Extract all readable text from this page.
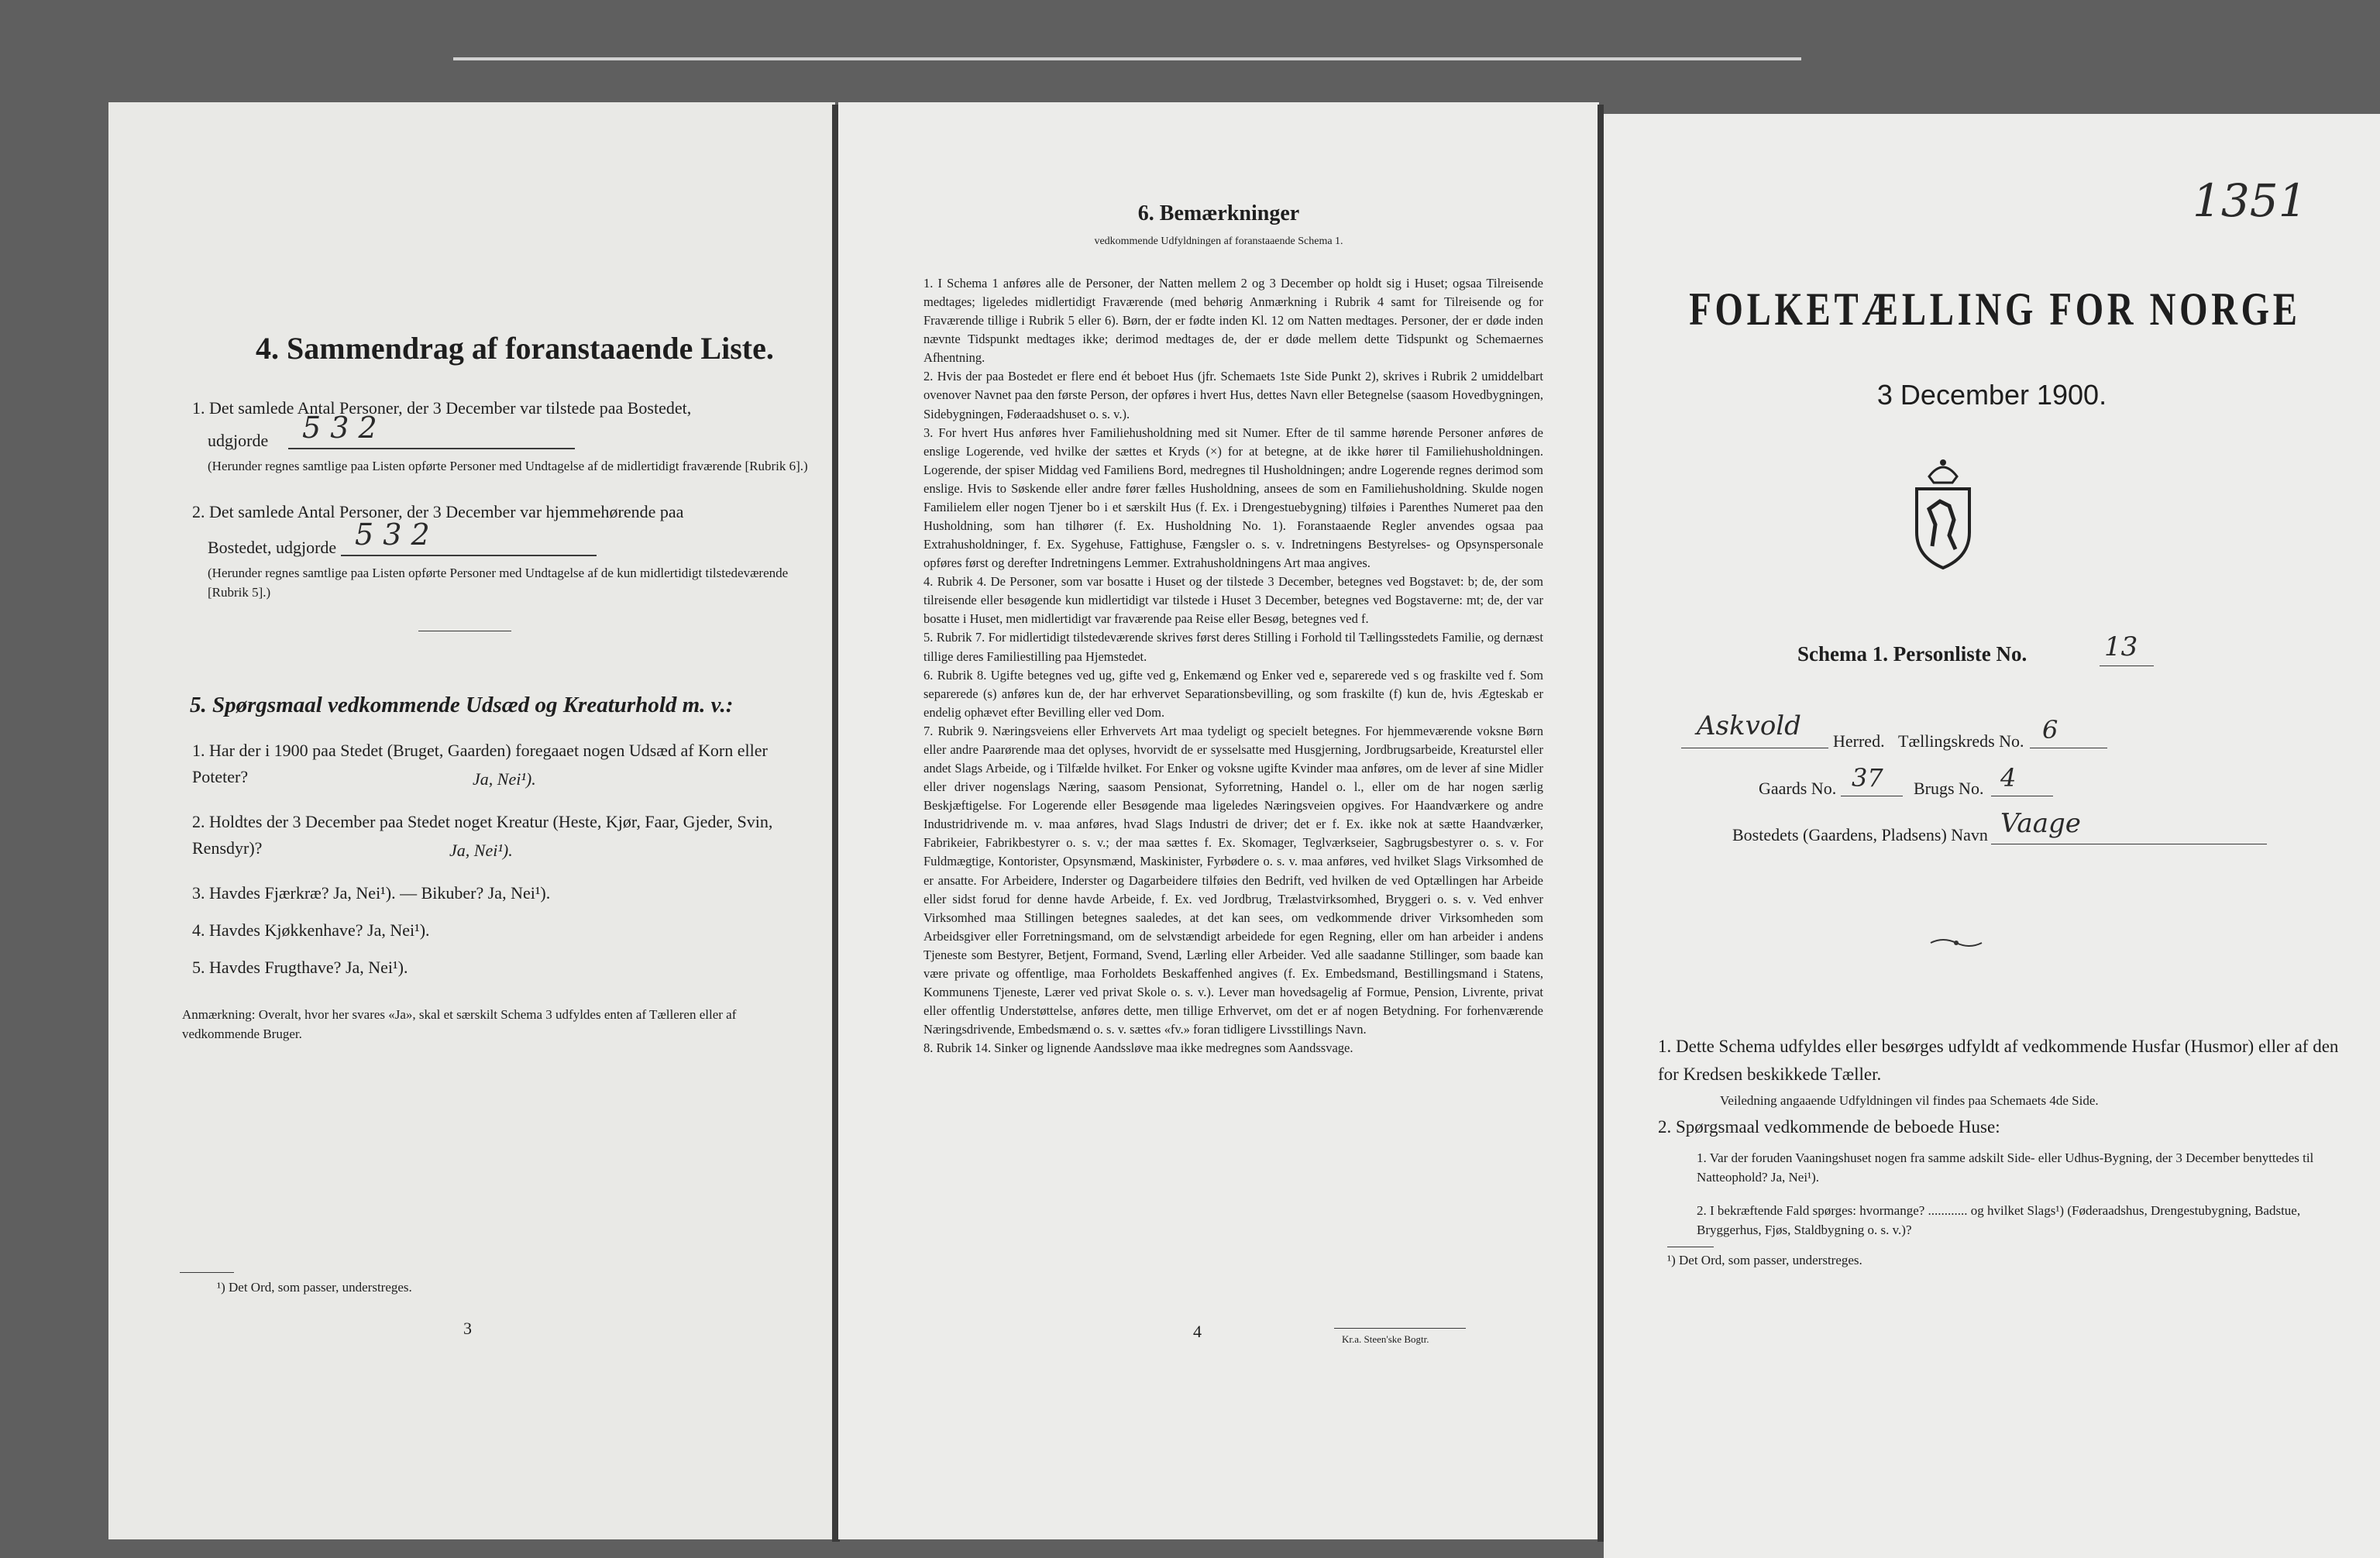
4. Sammendrag af foranstaaende Liste.

1. Det samlede Antal Personer, der 3 December var tilstede paa Bostedet,

udgjorde 5 3 2

(Herunder regnes samtlige paa Listen opførte Personer med Undtagelse af de midlertidigt fraværende [Rubrik 6].)

2. Det samlede Antal Personer, der 3 December var hjemmehørende paa

Bostedet, udgjorde 5 3 2

(Herunder regnes samtlige paa Listen opførte Personer med Undtagelse af de kun midlertidigt tilstedeværende [Rubrik 5].)

5. Spørgsmaal vedkommende Udsæd og Kreaturhold m. v.:

1. Har der i 1900 paa Stedet (Bruget, Gaarden) foregaaet nogen Udsæd af Korn eller Poteter?	Ja, Nei¹).

2. Holdtes der 3 December paa Stedet noget Kreatur (Heste, Kjør, Faar, Gjeder, Svin, Rensdyr)?	Ja, Nei¹).

3. Havdes Fjærkræ? Ja, Nei¹). — Bikuber? Ja, Nei¹).

4. Havdes Kjøkkenhave? Ja, Nei¹).

5. Havdes Frugthave? Ja, Nei¹).

Anmærkning: Overalt, hvor her svares «Ja», skal et særskilt Schema 3 udfyldes enten af Tælleren eller af vedkommende Bruger.

¹) Det Ord, som passer, understreges.

3

6. Bemærkninger

vedkommende Udfyldningen af foranstaaende Schema 1.

1. I Schema 1 anføres alle de Personer, der Natten mellem 2 og 3 December op holdt sig i Huset; ogsaa Tilreisende medtages; ligeledes midlertidigt Fraværende (med behørig Anmærkning i Rubrik 4 samt for Tilreisende og for Fraværende tillige i Rubrik 5 eller 6). Børn, der er fødte inden Kl. 12 om Natten medtages. Personer, der er døde inden nævnte Tidspunkt medtages ikke; derimod medtages de, der er døde mellem dette Tidspunkt og Schemaernes Afhentning.

2. Hvis der paa Bostedet er flere end ét beboet Hus (jfr. Schemaets 1ste Side Punkt 2), skrives i Rubrik 2 umiddelbart ovenover Navnet paa den første Person, der opføres i hvert Hus, dettes Navn eller Betegnelse (saasom Hovedbygningen, Sidebygningen, Føderaadshuset o. s. v.).

3. For hvert Hus anføres hver Familiehusholdning med sit Numer. Efter de til samme hørende Personer anføres de enslige Logerende, ved hvilke der sættes et Kryds (×) for at betegne, at de ikke hører til Familiehusholdningen. Logerende, der spiser Middag ved Familiens Bord, medregnes til Husholdningen; andre Logerende regnes derimod som enslige. Hvis to Søskende eller andre fører fælles Husholdning, ansees de som en Familiehusholdning. Skulde nogen Familielem eller nogen Tjener bo i et særskilt Hus (f. Ex. i Drengestuebygning) tilføies i Parenthes Numeret paa den Husholdning, som han tilhører (f. Ex. Husholdning No. 1). Foranstaaende Regler anvendes ogsaa paa Extrahusholdninger, f. Ex. Sygehuse, Fattighuse, Fængsler o. s. v. Indretningens Bestyrelses- og Opsynspersonale opføres først og derefter Indretningens Lemmer. Extrahusholdningens Art maa angives.

4. Rubrik 4. De Personer, som var bosatte i Huset og der tilstede 3 December, betegnes ved Bogstavet: b; de, der som tilreisende eller besøgende kun midlertidigt var tilstede i Huset 3 December, betegnes ved Bogstaverne: mt; de, der var bosatte i Huset, men midlertidigt var fraværende paa Reise eller Besøg, betegnes ved f.

5. Rubrik 7. For midlertidigt tilstedeværende skrives først deres Stilling i Forhold til Tællingsstedets Familie, og dernæst tillige deres Familiestilling paa Hjemstedet.

6. Rubrik 8. Ugifte betegnes ved ug, gifte ved g, Enkemænd og Enker ved e, separerede ved s og fraskilte ved f. Som separerede (s) anføres kun de, der har erhvervet Separationsbevilling, og som fraskilte (f) kun de, hvis Ægteskab er endelig ophævet efter Bevilling eller ved Dom.

7. Rubrik 9. Næringsveiens eller Erhvervets Art maa tydeligt og specielt betegnes. For hjemmeværende voksne Børn eller andre Paarørende maa det oplyses, hvorvidt de er sysselsatte med Husgjerning, Jordbrugsarbeide, Kreaturstel eller andet Slags Arbeide, og i Tilfælde hvilket. For Enker og voksne ugifte Kvinder maa anføres, om de lever af sine Midler eller driver nogenslags Næring, saasom Pensionat, Syforretning, Handel o. l., eller om de har nogen særlig Beskjæftigelse. For Logerende eller Besøgende maa ligeledes Næringsveien opgives. For Haandværkere og andre Industridrivende m. v. maa anføres, hvad Slags Industri de driver; det er f. Ex. ikke nok at sætte Haandværker, Fabrikeier, Fabrikbestyrer o. s. v.; der maa sættes f. Ex. Skomager, Teglværkseier, Sagbrugsbestyrer o. s. v. For Fuldmægtige, Kontorister, Opsynsmænd, Maskinister, Fyrbødere o. s. v. maa anføres, ved hvilket Slags Virksomhed de er ansatte. For Arbeidere, Inderster og Dagarbeidere tilføies den Bedrift, ved hvilken de ved Optællingen har Arbeide eller sidst forud for denne havde Arbeide, f. Ex. ved Jordbrug, Trælastvirksomhed, Bryggeri o. s. v. Ved enhver Virksomhed maa Stillingen betegnes saaledes, at det kan sees, om vedkommende driver Virksomheden som Arbeidsgiver eller Forretningsmand, om de selvstændigt arbeidede for egen Regning, eller om han arbeider i andens Tjeneste som Bestyrer, Betjent, Formand, Svend, Lærling eller Arbeider. Ved alle saadanne Stillinger, som baade kan være private og offentlige, maa Forholdets Beskaffenhed angives (f. Ex. Embedsmand, Bestillingsmand i Statens, Kommunens Tjeneste, Lærer ved privat Skole o. s. v.). Lever man hovedsagelig af Formue, Pension, Livrente, privat eller offentlig Understøttelse, anføres dette, men tillige Erhvervet, om det er af nogen Betydning. For forhenværende Næringsdrivende, Embedsmænd o. s. v. sættes «fv.» foran tidligere Livsstillings Navn.

8. Rubrik 14. Sinker og lignende Aandssløve maa ikke medregnes som Aandssvage.

4	Kr.a. Steen'ske Bogtr.

1351

FOLKETÆLLING FOR NORGE

3 December 1900.

Schema 1. Personliste No.	13

Askvold Herred. Tællingskreds No. 6

Gaards No. 37 Brugs No. 4

Bostedets (Gaardens, Pladsens) Navn Vaage

1. Dette Schema udfyldes eller besørges udfyldt af vedkommende Husfar (Husmor) eller af den for Kredsen beskikkede Tæller.

Veiledning angaaende Udfyldningen vil findes paa Schemaets 4de Side.

2. Spørgsmaal vedkommende de beboede Huse:

1. Var der foruden Vaaningshuset nogen fra samme adskilt Side- eller Udhus-Bygning, der 3 December benyttedes til Natteophold? Ja, Nei¹).

2. I bekræftende Fald spørges: hvormange? ............ og hvilket Slags¹) (Føderaadshus, Drengestubygning, Badstue, Bryggerhus, Fjøs, Staldbygning o. s. v.)?

¹) Det Ord, som passer, understreges.
